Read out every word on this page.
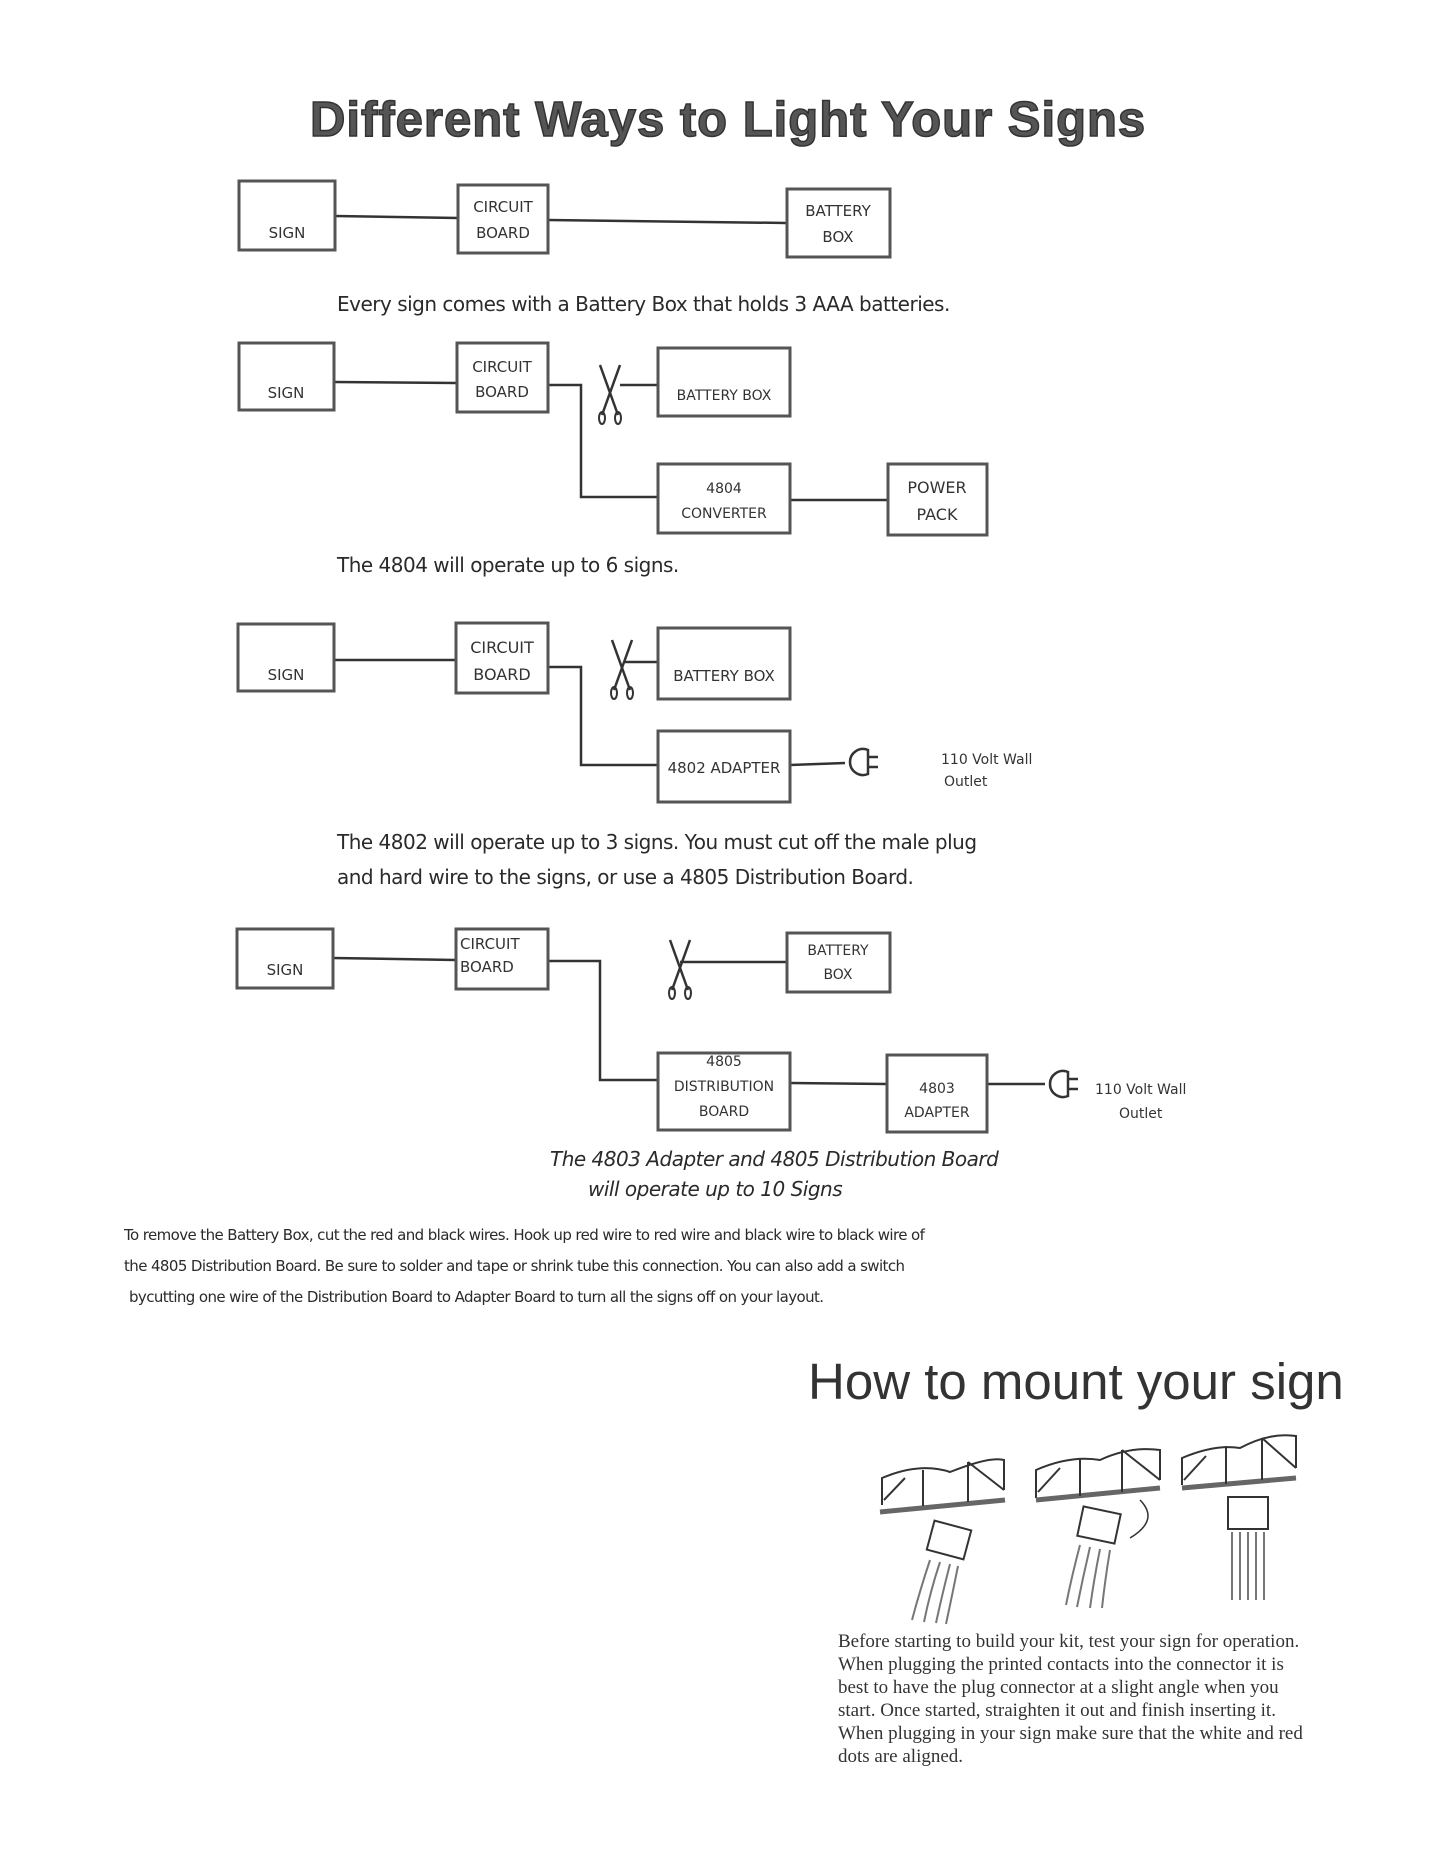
Different Ways to Light Your Signs
SIGN
CIRCUIT
BOARD
BATTERY
BOX
SIGN
CIRCUIT
BOARD	BATTERY BOX
4804
CONVERTER
POWER
PACK
SIGN
CIRCUIT
BOARD	BATTERY BOX
4802 ADAPTER	110 Volt Wall
Outlet
SIGN
CIRCUIT
BOARD
BATTERY
BOX
4805
DISTRIBUTION
BOARD
4803
ADAPTER
110 Volt Wall
Outlet
Every sign comes with a Battery Box that holds 3 AAA batteries.
The 4804 will operate up to 6 signs.
The 4802 will operate up to 3 signs. You must cut off the male plug
and hard wire to the signs, or use a 4805 Distribution Board.
The 4803 Adapter and 4805 Distribution Board
will operate up to 10 Signs
To remove the Battery Box, cut the red and black wires. Hook up red wire to red wire and black wire to black wire of
the 4805 Distribution Board. Be sure to solder and tape or shrink tube this connection. You can also add a switch
bycutting one wire of the Distribution Board to Adapter Board to turn all the signs off on your layout.
How to mount your sign
Before starting to build your kit, test your sign for operation.
When plugging the printed contacts into the connector it is
best to have the plug connector at a slight angle when you
start. Once started, straighten it out and finish inserting it.
When plugging in your sign make sure that the white and red
dots are aligned.
